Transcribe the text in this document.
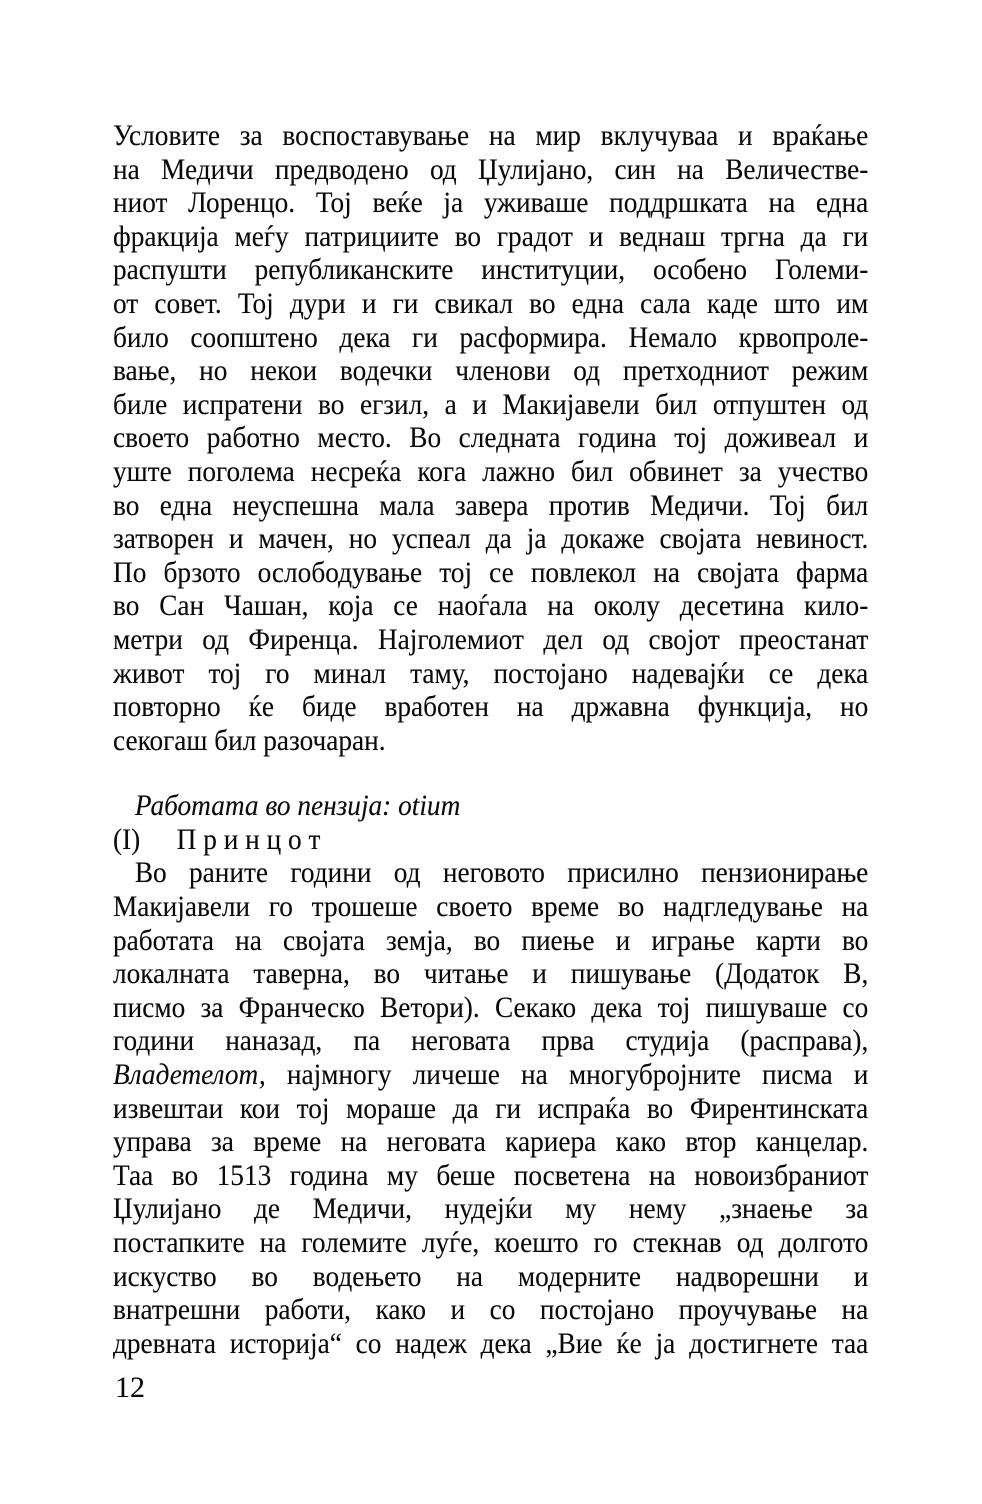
Условите за воспоставување на мир вклучуваа и враќање
на Медичи предводено од Џулијано, син на Величестве-
ниот Лоренцо. Тој веќе ја уживаше поддршката на една
фракција меѓу патрициите во градот и веднаш тргна да ги
распушти републиканските институции, особено Големи-
от совет. Тој дури и ги свикал во една сала каде што им
било соопштено дека ги расформира. Немало крвопроле-
вање, но некои водечки членови од претходниот режим
биле испратени во егзил, а и Макијавели бил отпуштен од
своето работно место. Во следната година тој доживеал и
уште поголема несреќа кога лажно бил обвинет за учество
во една неуспешна мала завера против Медичи. Тој бил
затворен и мачен, но успеал да ја докаже својата невиност.
По брзото ослободување тој се повлекол на својата фарма
во Сан Чашан, која се наоѓала на околу десетина кило-
метри од Фиренца. Најголемиот дел од својот преостанат
живот тој го минал таму, постојано надевајќи се дека
повторно ќе биде вработен на државна функција, но
секогаш бил разочаран.
Работата во пензија: otium
(I) П р и н ц о т
Во раните години од неговото присилно пензионирање
Макијавели го трошеше своето време во надгледување на
работата на својата земја, во пиење и играње карти во
локалната таверна, во читање и пишување (Додаток В,
писмо за Франческо Ветори). Секако дека тој пишуваше со
години наназад, па неговата прва студија (расправа),
Владетелот, најмногу личеше на многубројните писма и
извештаи кои тој мораше да ги испраќа во Фирентинската
управа за време на неговата кариера како втор канцелар.
Таа во 1513 година му беше посветена на новоизбраниот
Џулијано де Медичи, нудејќи му нему „знаење за
постапките на големите луѓе, коешто го стекнав од долгото
искуство во водењето на модерните надворешни и
внатрешни работи, како и со постојано проучување на
древната историја“ со надеж дека „Вие ќе ја достигнете таа
12
